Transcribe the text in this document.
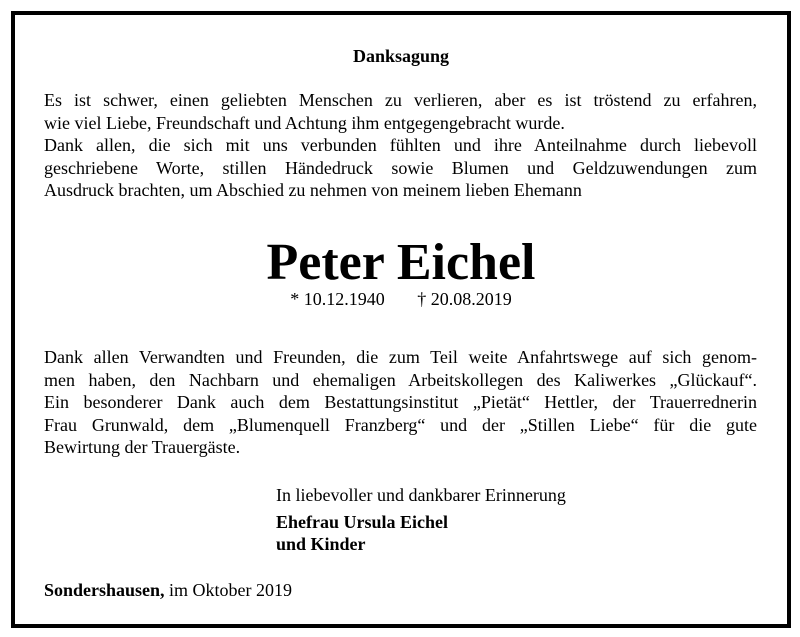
Danksagung
Es ist schwer, einen geliebten Menschen zu verlieren, aber es ist tröstend zu erfahren,
wie viel Liebe, Freundschaft und Achtung ihm entgegengebracht wurde.
Dank allen, die sich mit uns verbunden fühlten und ihre Anteilnahme durch liebevoll
geschriebene Worte, stillen Händedruck sowie Blumen und Geldzuwendungen zum
Ausdruck brachten, um Abschied zu nehmen von meinem lieben Ehemann
Peter Eichel
* 10.12.1940 † 20.08.2019
Dank allen Verwandten und Freunden, die zum Teil weite Anfahrtswege auf sich genom-
men haben, den Nachbarn und ehemaligen Arbeitskollegen des Kaliwerkes „Glückauf“.
Ein besonderer Dank auch dem Bestattungsinstitut „Pietät“ Hettler, der Trauerrednerin
Frau Grunwald, dem „Blumenquell Franzberg“ und der „Stillen Liebe“ für die gute
Bewirtung der Trauergäste.
In liebevoller und dankbarer Erinnerung
Ehefrau Ursula Eichel
und Kinder
Sondershausen, im Oktober 2019
